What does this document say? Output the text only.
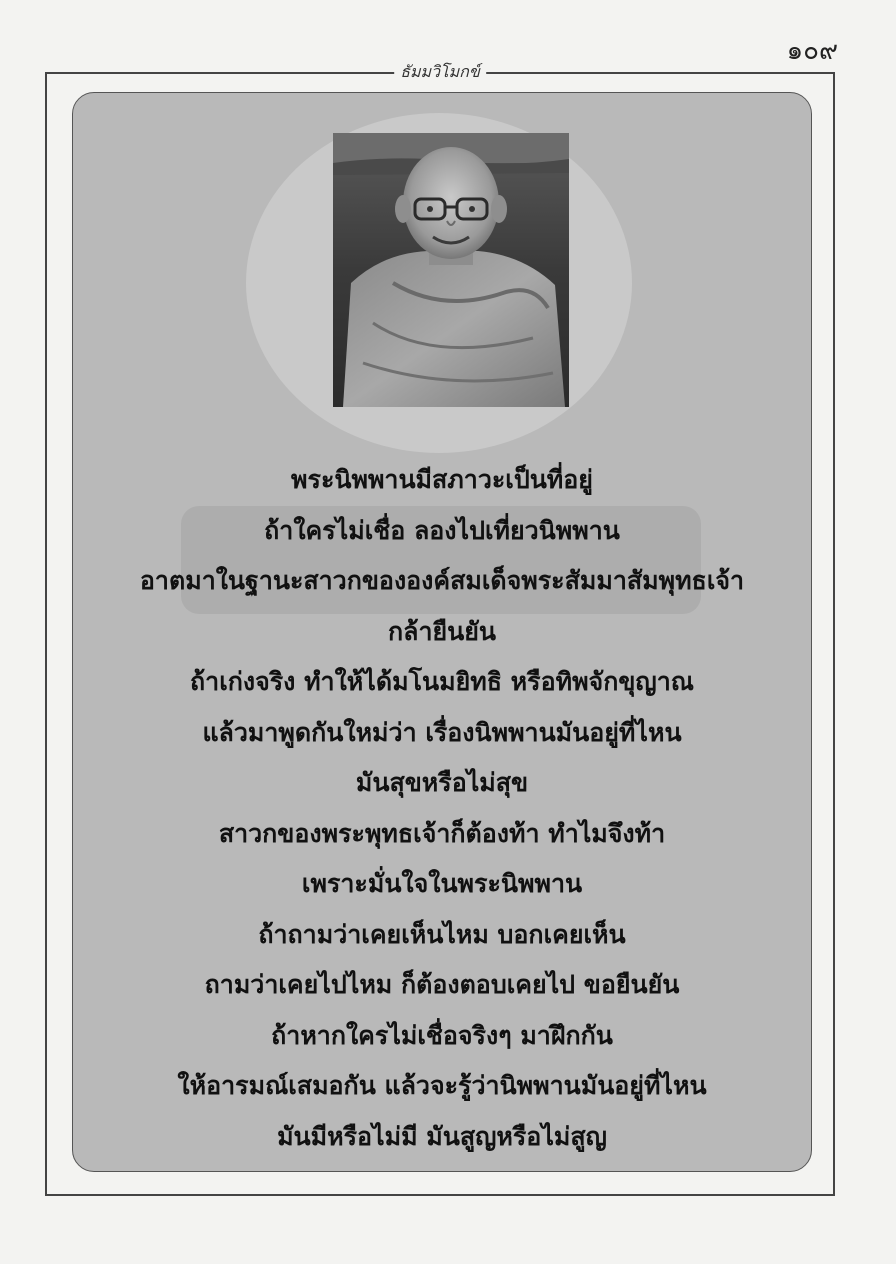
๑๐๙
ธัมมวิโมกข์
พระนิพพานมีสภาวะเป็นที่อยู่
ถ้าใครไม่เชื่อ ลองไปเที่ยวนิพพาน
อาตมาในฐานะสาวกขององค์สมเด็จพระสัมมาสัมพุทธเจ้า
กล้ายืนยัน
ถ้าเก่งจริง ทำให้ได้มโนมยิทธิ หรือทิพจักขุญาณ
แล้วมาพูดกันใหม่ว่า เรื่องนิพพานมันอยู่ที่ไหน
มันสุขหรือไม่สุข
สาวกของพระพุทธเจ้าก็ต้องท้า ทำไมจึงท้า
เพราะมั่นใจในพระนิพพาน
ถ้าถามว่าเคยเห็นไหม บอกเคยเห็น
ถามว่าเคยไปไหม ก็ต้องตอบเคยไป ขอยืนยัน
ถ้าหากใครไม่เชื่อจริงๆ มาฝึกกัน
ให้อารมณ์เสมอกัน แล้วจะรู้ว่านิพพานมันอยู่ที่ไหน
มันมีหรือไม่มี มันสูญหรือไม่สูญ
